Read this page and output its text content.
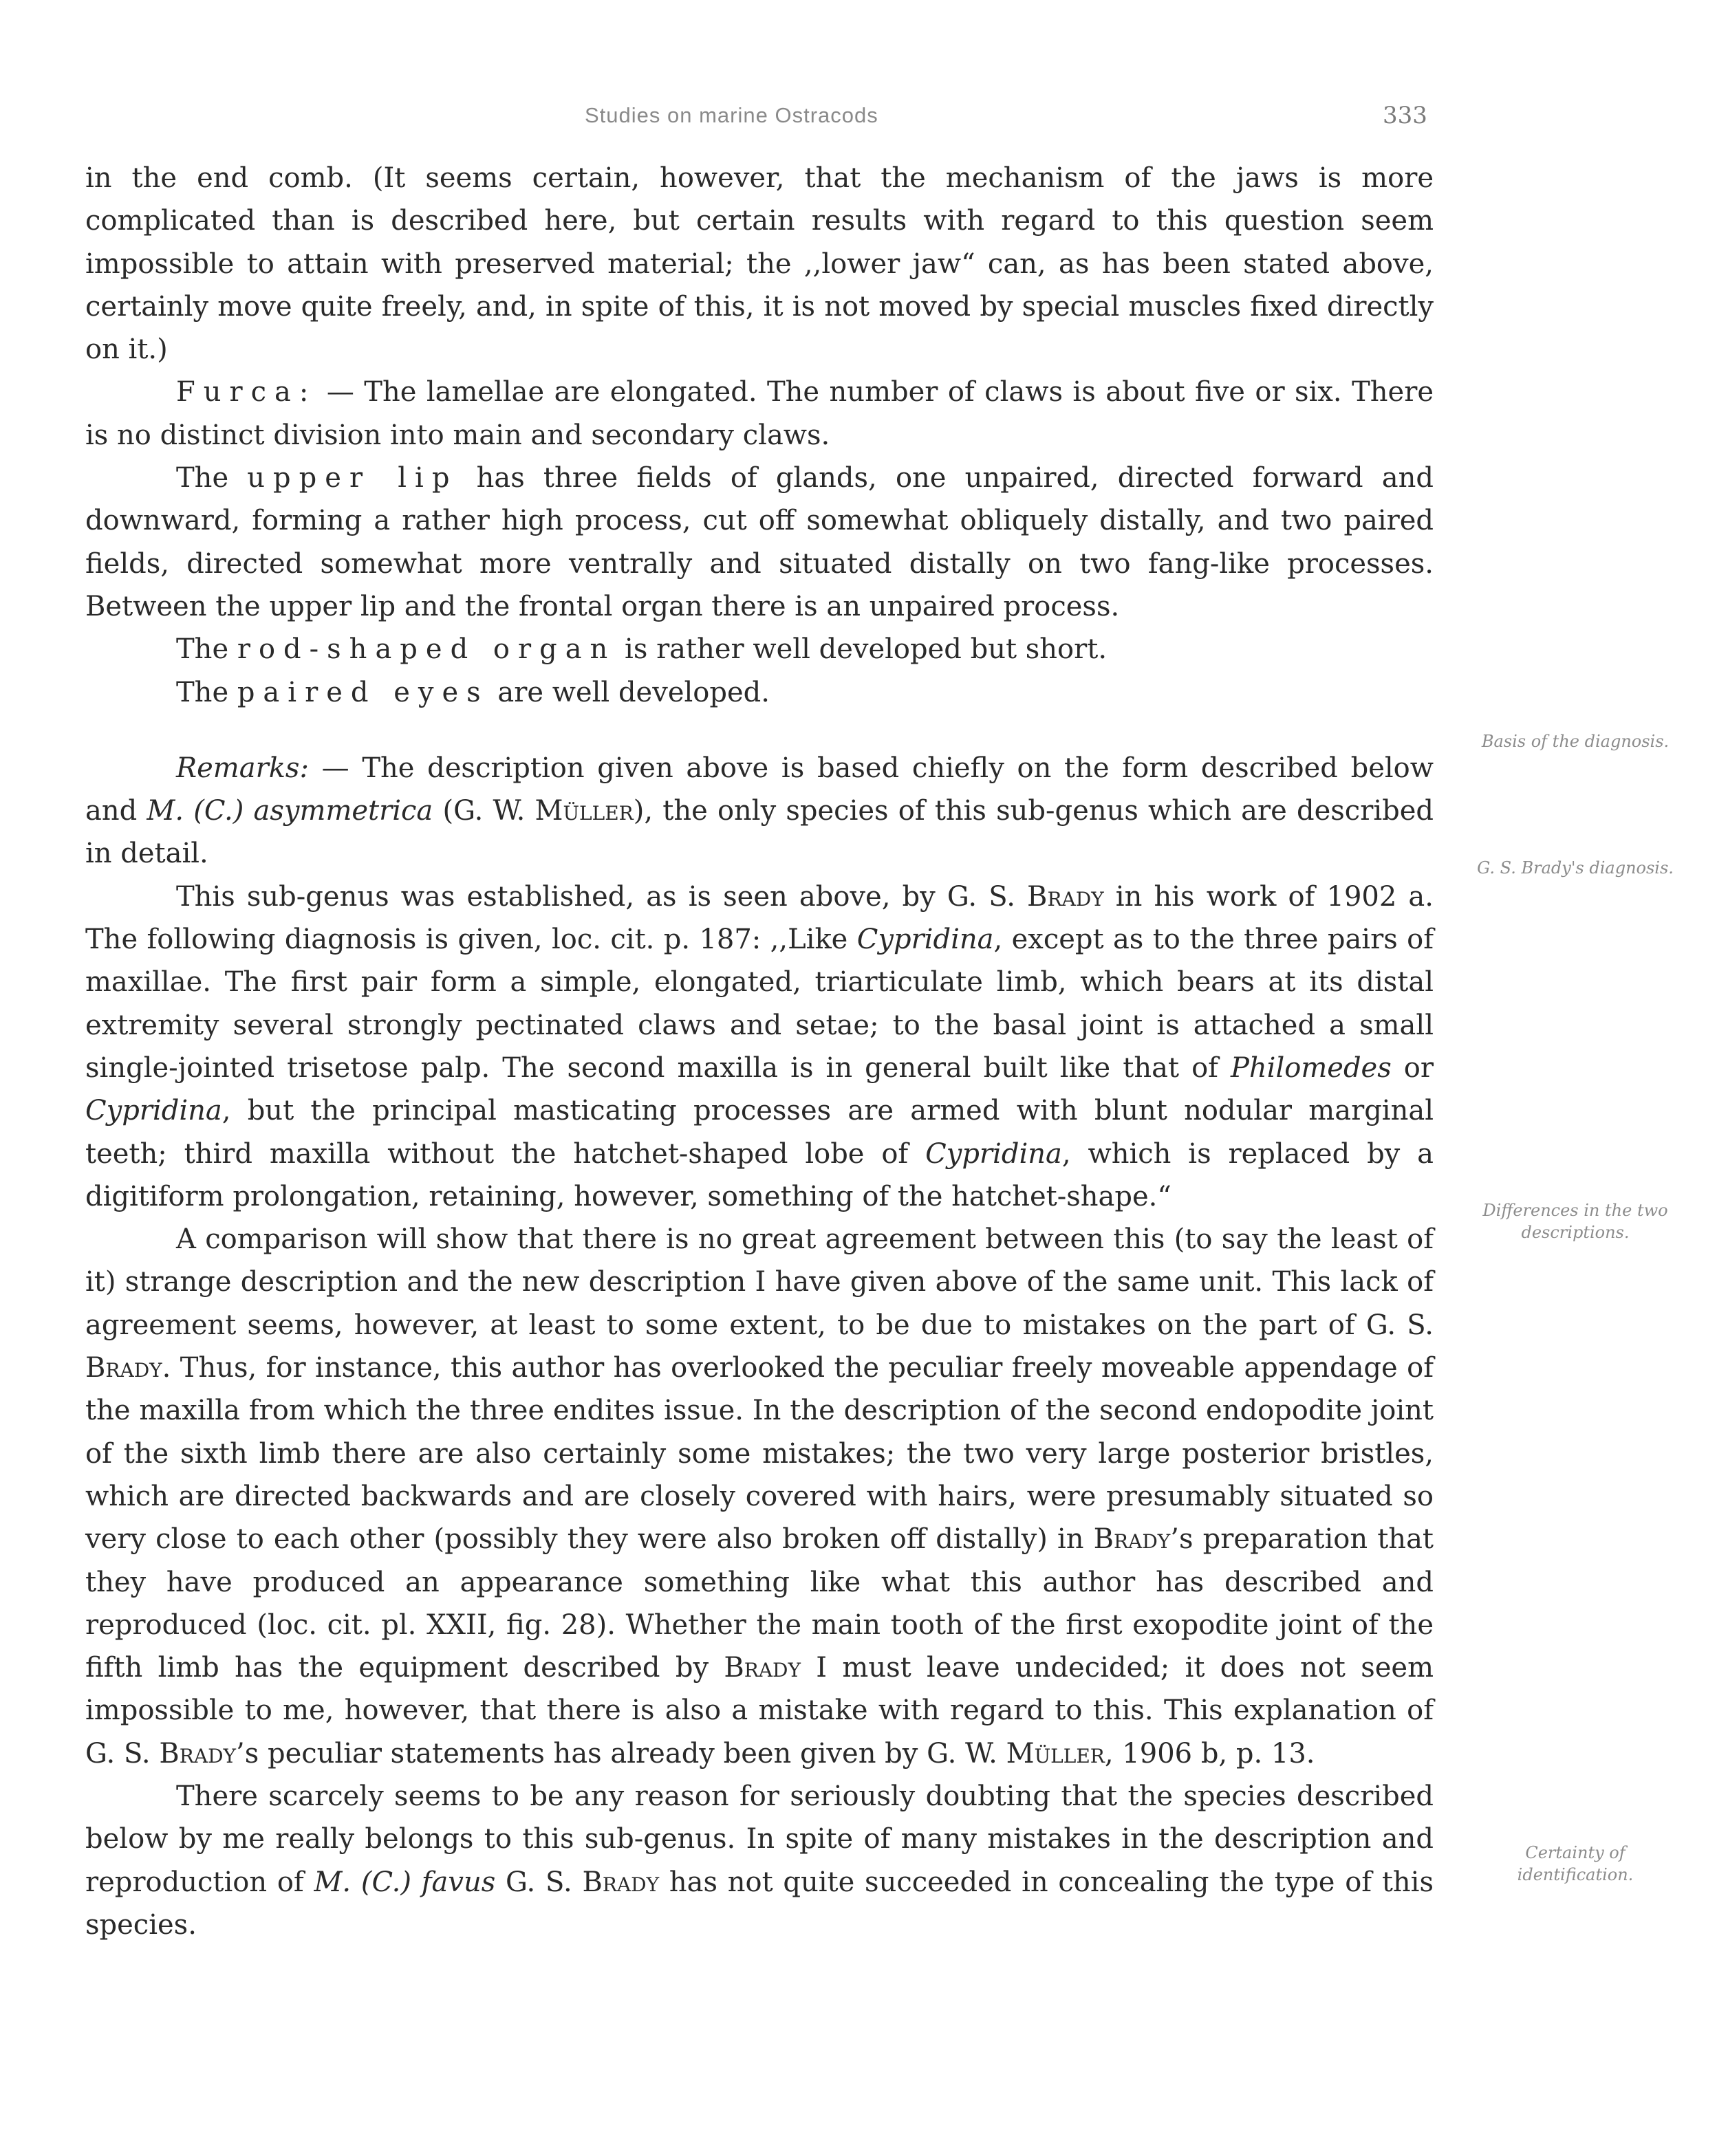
Studies on marine Ostracods	333

in the end comb. (It seems certain, however, that the mechanism of the jaws is more complicated than is described here, but certain results with regard to this question seem impossible to attain with preserved material; the ,,lower jaw“ can, as has been stated above, certainly move quite freely, and, in spite of this, it is not moved by special muscles fixed directly on it.)

Furca: — The lamellae are elongated. The number of claws is about five or six. There is no distinct division into main and secondary claws.

The upper lip has three fields of glands, one unpaired, directed forward and downward, forming a rather high process, cut off somewhat obliquely distally, and two paired fields, directed somewhat more ventrally and situated distally on two fang-like processes. Between the upper lip and the frontal organ there is an unpaired process.

The rod-shaped organ is rather well developed but short.

The paired eyes are well developed.

Remarks: — The description given above is based chiefly on the form described below and M. (C.) asymmetrica (G. W. Müller), the only species of this sub-genus which are described in detail.

This sub-genus was established, as is seen above, by G. S. Brady in his work of 1902 a. The following diagnosis is given, loc. cit. p. 187: ,,Like Cypridina, except as to the three pairs of maxillae. The first pair form a simple, elongated, triarticulate limb, which bears at its distal extremity several strongly pectinated claws and setae; to the basal joint is attached a small single-jointed trisetose palp. The second maxilla is in general built like that of Philomedes or Cypridina, but the principal masticating processes are armed with blunt nodular marginal teeth; third maxilla without the hatchet-shaped lobe of Cypridina, which is replaced by a digitiform prolongation, retaining, however, something of the hatchet-shape.“

A comparison will show that there is no great agreement between this (to say the least of it) strange description and the new description I have given above of the same unit. This lack of agreement seems, however, at least to some extent, to be due to mistakes on the part of G. S. Brady. Thus, for instance, this author has overlooked the peculiar freely moveable appendage of the maxilla from which the three endites issue. In the description of the second endopodite joint of the sixth limb there are also certainly some mistakes; the two very large posterior bristles, which are directed backwards and are closely covered with hairs, were presumably situated so very close to each other (possibly they were also broken off distally) in Brady’s preparation that they have produced an appearance something like what this author has described and reproduced (loc. cit. pl. XXII, fig. 28). Whether the main tooth of the first exopodite joint of the fifth limb has the equipment described by Brady I must leave undecided; it does not seem impossible to me, however, that there is also a mistake with regard to this. This explanation of G. S. Brady’s peculiar statements has already been given by G. W. Müller, 1906 b, p. 13.

There scarcely seems to be any reason for seriously doubting that the species described below by me really belongs to this sub-genus. In spite of many mistakes in the description and reproduction of M. (C.) favus G. S. Brady has not quite succeeded in concealing the type of this species.

Basis of the diagnosis.
G. S. Brady's diagnosis.
Differences in the two descriptions.
Certainty of identification.
